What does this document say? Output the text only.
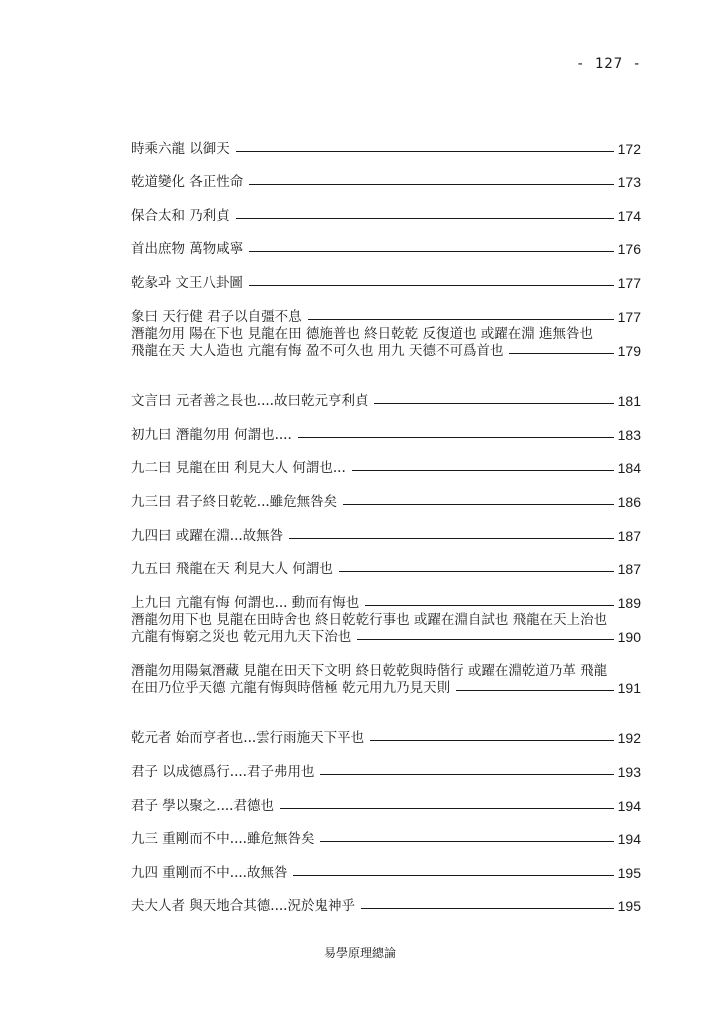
- 127 -
時乘六龍 以御天	172
乾道變化 各正性命	173
保合太和 乃利貞	174
首出庶物 萬物咸寧	176
乾彖과 文王八卦圖	177
象曰 天行健 君子以自彊不息	177
潛龍勿用 陽在下也 見龍在田 德施普也 終日乾乾 反復道也 或躍在淵 進無咎也
飛龍在天 大人造也 亢龍有悔 盈不可久也 用九 天德不可爲首也	179
文言曰 元者善之長也....故曰乾元亨利貞	181
初九曰 潛龍勿用 何謂也....	183
九二曰 見龍在田 利見大人 何謂也...	184
九三曰 君子終日乾乾...雖危無咎矣	186
九四曰 或躍在淵...故無咎	187
九五曰 飛龍在天 利見大人 何謂也	187
上九曰 亢龍有悔 何謂也... 動而有悔也	189
潛龍勿用下也 見龍在田時舍也 終日乾乾行事也 或躍在淵自試也 飛龍在天上治也
亢龍有悔窮之災也 乾元用九天下治也	190
潛龍勿用陽氣潛藏 見龍在田天下文明 終日乾乾與時偕行 或躍在淵乾道乃革 飛龍
在田乃位乎天德 亢龍有悔與時偕極 乾元用九乃見天則	191
乾元者 始而亨者也...雲行雨施天下平也	192
君子 以成德爲行....君子弗用也	193
君子 學以聚之....君德也	194
九三 重剛而不中....雖危無咎矣	194
九四 重剛而不中....故無咎	195
夫大人者 與天地合其德....況於鬼神乎	195
易學原理總論
